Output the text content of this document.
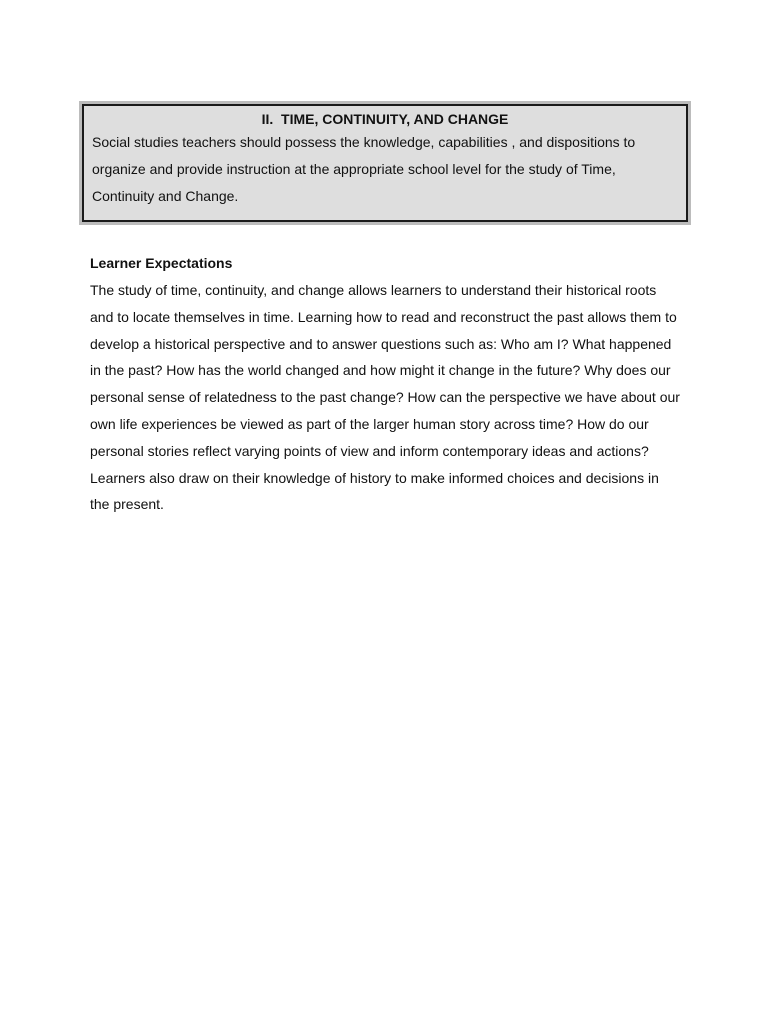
II.  TIME, CONTINUITY, AND CHANGE

Social studies teachers should possess the knowledge, capabilities , and dispositions to organize and provide instruction at the appropriate school level for the study of Time, Continuity and Change.

Learner Expectations

The study of time, continuity, and change allows learners to understand their historical roots and to locate themselves in time. Learning how to read and reconstruct the past allows them to develop a historical perspective and to answer questions such as: Who am I? What happened in the past? How has the world changed and how might it change in the future? Why does our personal sense of relatedness to the past change? How can the perspective we have about our own life experiences be viewed as part of the larger human story across time? How do our personal stories reflect varying points of view and inform contemporary ideas and actions? Learners also draw on their knowledge of history to make informed choices and decisions in the present.
